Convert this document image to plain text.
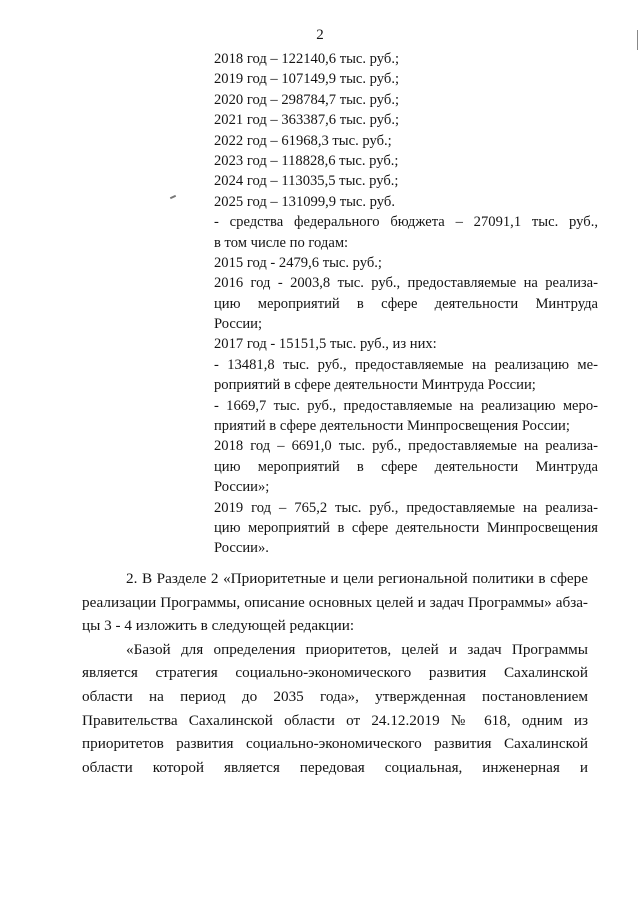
2
2018 год – 122140,6 тыс. руб.;
2019 год – 107149,9 тыс. руб.;
2020 год – 298784,7 тыс. руб.;
2021 год – 363387,6 тыс. руб.;
2022 год – 61968,3 тыс. руб.;
2023 год – 118828,6 тыс. руб.;
2024 год – 113035,5 тыс. руб.;
2025 год – 131099,9 тыс. руб.
- средства федерального бюджета – 27091,1 тыс. руб.,
в том числе по годам:
2015 год - 2479,6 тыс. руб.;
2016 год - 2003,8 тыс. руб., предоставляемые на реализа-
цию мероприятий в сфере деятельности Минтруда
России;
2017 год - 15151,5 тыс. руб., из них:
- 13481,8 тыс. руб., предоставляемые на реализацию ме-
роприятий в сфере деятельности Минтруда России;
- 1669,7 тыс. руб., предоставляемые на реализацию меро-
приятий в сфере деятельности Минпросвещения России;
2018 год – 6691,0 тыс. руб., предоставляемые на реализа-
цию мероприятий в сфере деятельности Минтруда
России»;
2019 год – 765,2 тыс. руб., предоставляемые на реализа-
цию мероприятий в сфере деятельности Минпросвещения
России».
2. В Разделе 2 «Приоритетные и цели региональной политики в сфере
реализации Программы, описание основных целей и задач Программы» абза-
цы 3 - 4 изложить в следующей редакции:
«Базой для определения приоритетов, целей и задач Программы
является стратегия социально-экономического развития Сахалинской
области на период до 2035 года», утвержденная постановлением
Правительства Сахалинской области от 24.12.2019 № 618, одним из
приоритетов развития социально-экономического развития Сахалинской
области которой является передовая социальная, инженерная и
